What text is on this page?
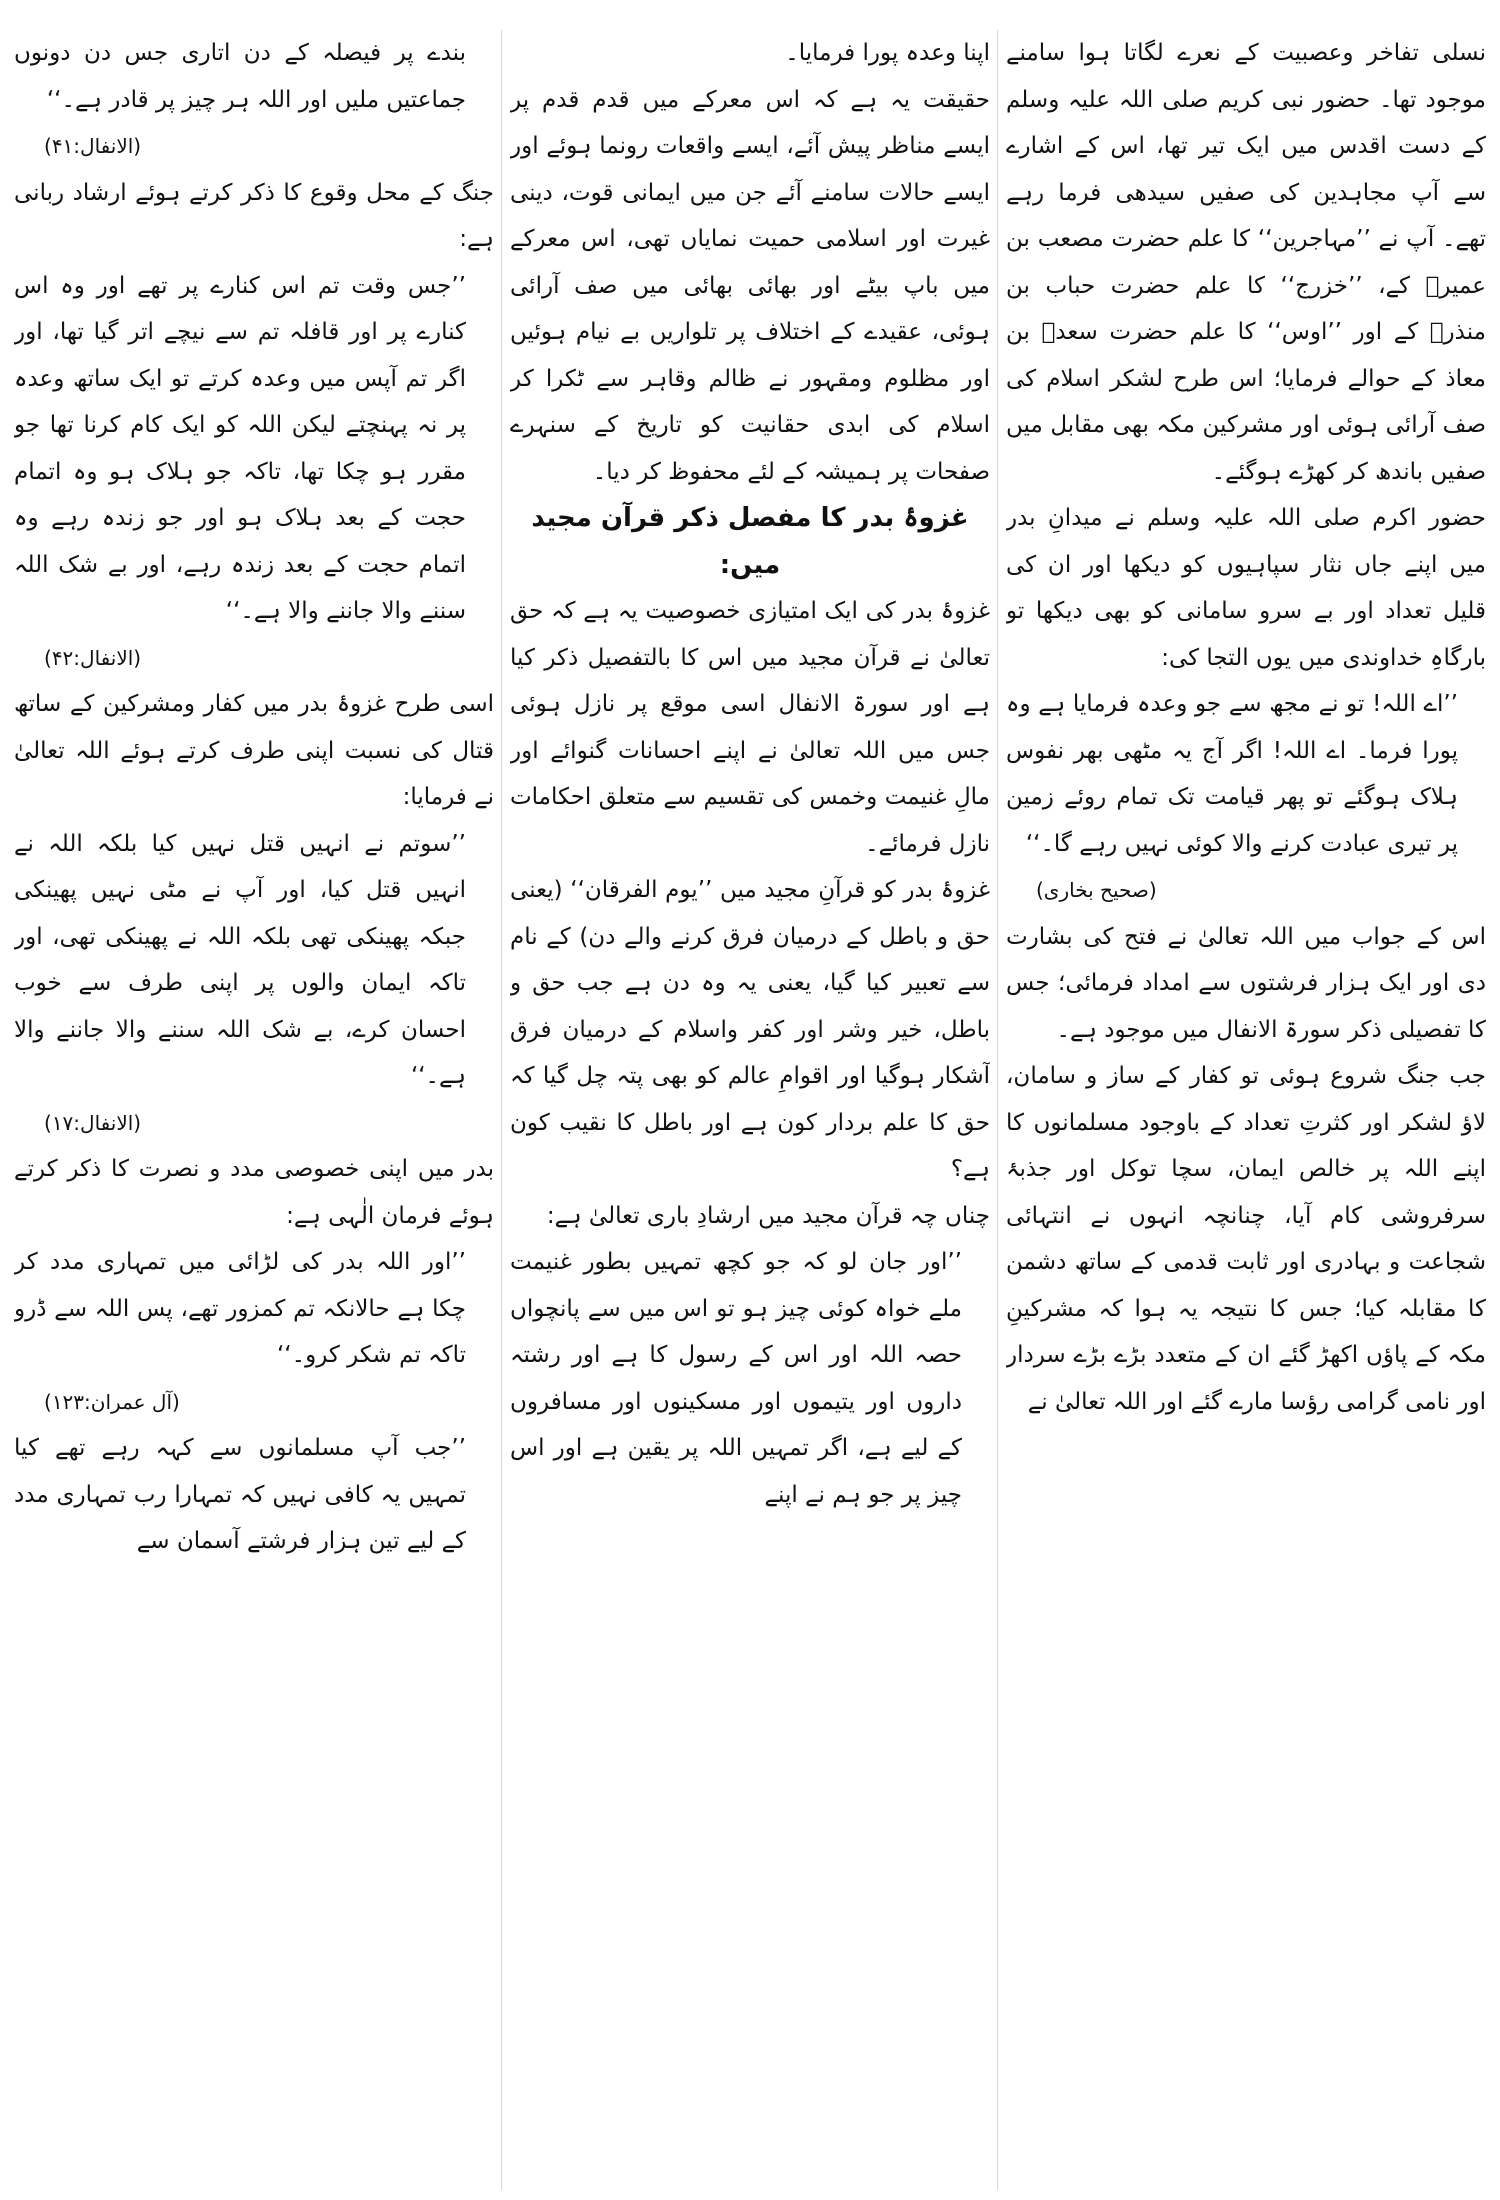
نسلی تفاخر وعصبیت کے نعرے لگاتا ہوا سامنے موجود تھا۔ حضور نبی کریم صلی اللہ علیہ وسلم کے دست اقدس میں ایک تیر تھا، اس کے اشارے سے آپ مجاہدین کی صفیں سیدھی فرما رہے تھے۔ آپ نے ’’مہاجرین‘‘ کا علم حضرت مصعب بن عمیرؓ کے، ’’خزرج‘‘ کا علم حضرت حباب بن منذرؓ کے اور ’’اوس‘‘ کا علم حضرت سعدؓ بن معاذ کے حوالے فرمایا؛ اس طرح لشکر اسلام کی صف آرائی ہوئی اور مشرکین مکہ بھی مقابل میں صفیں باندھ کر کھڑے ہوگئے۔

حضور اکرم صلی اللہ علیہ وسلم نے میدانِ بدر میں اپنے جاں نثار سپاہیوں کو دیکھا اور ان کی قلیل تعداد اور بے سرو سامانی کو بھی دیکھا تو بارگاہِ خداوندی میں یوں التجا کی:

’’اے اللہ! تو نے مجھ سے جو وعدہ فرمایا ہے وہ پورا فرما۔ اے اللہ! اگر آج یہ مٹھی بھر نفوس ہلاک ہوگئے تو پھر قیامت تک تمام روئے زمین پر تیری عبادت کرنے والا کوئی نہیں رہے گا۔‘‘
(صحیح بخاری)

اس کے جواب میں اللہ تعالیٰ نے فتح کی بشارت دی اور ایک ہزار فرشتوں سے امداد فرمائی؛ جس کا تفصیلی ذکر سورۃ الانفال میں موجود ہے۔

جب جنگ شروع ہوئی تو کفار کے ساز و سامان، لاؤ لشکر اور کثرتِ تعداد کے باوجود مسلمانوں کا اپنے اللہ پر خالص ایمان، سچا توکل اور جذبۂ سرفروشی کام آیا، چنانچہ انہوں نے انتہائی شجاعت و بہادری اور ثابت قدمی کے ساتھ دشمن کا مقابلہ کیا؛ جس کا نتیجہ یہ ہوا کہ مشرکینِ مکہ کے پاؤں اکھڑ گئے ان کے متعدد بڑے بڑے سردار اور نامی گرامی رؤسا مارے گئے اور اللہ تعالیٰ نے

اپنا وعدہ پورا فرمایا۔

حقیقت یہ ہے کہ اس معرکے میں قدم قدم پر ایسے مناظر پیش آئے، ایسے واقعات رونما ہوئے اور ایسے حالات سامنے آئے جن میں ایمانی قوت، دینی غیرت اور اسلامی حمیت نمایاں تھی، اس معرکے میں باپ بیٹے اور بھائی بھائی میں صف آرائی ہوئی، عقیدے کے اختلاف پر تلواریں بے نیام ہوئیں اور مظلوم ومقہور نے ظالم وقاہر سے ٹکرا کر اسلام کی ابدی حقانیت کو تاریخ کے سنہرے صفحات پر ہمیشہ کے لئے محفوظ کر دیا۔

غزوۂ بدر کا مفصل ذکر قرآن مجید میں:

غزوۂ بدر کی ایک امتیازی خصوصیت یہ ہے کہ حق تعالیٰ نے قرآن مجید میں اس کا بالتفصیل ذکر کیا ہے اور سورۃ الانفال اسی موقع پر نازل ہوئی جس میں اللہ تعالیٰ نے اپنے احسانات گنوائے اور مالِ غنیمت وخمس کی تقسیم سے متعلق احکامات نازل فرمائے۔

غزوۂ بدر کو قرآنِ مجید میں ’’یوم الفرقان‘‘ (یعنی حق و باطل کے درمیان فرق کرنے والے دن) کے نام سے تعبیر کیا گیا، یعنی یہ وہ دن ہے جب حق و باطل، خیر وشر اور کفر واسلام کے درمیان فرق آشکار ہوگیا اور اقوامِ عالم کو بھی پتہ چل گیا کہ حق کا علم بردار کون ہے اور باطل کا نقیب کون ہے؟

چناں چہ قرآن مجید میں ارشادِ باری تعالیٰ ہے:

’’اور جان لو کہ جو کچھ تمہیں بطور غنیمت ملے خواہ کوئی چیز ہو تو اس میں سے پانچواں حصہ اللہ اور اس کے رسول کا ہے اور رشتہ داروں اور یتیموں اور مسکینوں اور مسافروں کے لیے ہے، اگر تمہیں اللہ پر یقین ہے اور اس چیز پر جو ہم نے اپنے

بندے پر فیصلہ کے دن اتاری جس دن دونوں جماعتیں ملیں اور اللہ ہر چیز پر قادر ہے۔‘‘
(الانفال:۴۱)

جنگ کے محل وقوع کا ذکر کرتے ہوئے ارشاد ربانی ہے:

’’جس وقت تم اس کنارے پر تھے اور وہ اس کنارے پر اور قافلہ تم سے نیچے اتر گیا تھا، اور اگر تم آپس میں وعدہ کرتے تو ایک ساتھ وعدہ پر نہ پہنچتے لیکن اللہ کو ایک کام کرنا تھا جو مقرر ہو چکا تھا، تاکہ جو ہلاک ہو وہ اتمام حجت کے بعد ہلاک ہو اور جو زندہ رہے وہ اتمام حجت کے بعد زندہ رہے، اور بے شک اللہ سننے والا جاننے والا ہے۔‘‘
(الانفال:۴۲)

اسی طرح غزوۂ بدر میں کفار ومشرکین کے ساتھ قتال کی نسبت اپنی طرف کرتے ہوئے اللہ تعالیٰ نے فرمایا:

’’سوتم نے انہیں قتل نہیں کیا بلکہ اللہ نے انہیں قتل کیا، اور آپ نے مٹی نہیں پھینکی جبکہ پھینکی تھی بلکہ اللہ نے پھینکی تھی، اور تاکہ ایمان والوں پر اپنی طرف سے خوب احسان کرے، بے شک اللہ سننے والا جاننے والا ہے۔‘‘
(الانفال:۱۷)

بدر میں اپنی خصوصی مدد و نصرت کا ذکر کرتے ہوئے فرمان الٰہی ہے:

’’اور اللہ بدر کی لڑائی میں تمہاری مدد کر چکا ہے حالانکہ تم کمزور تھے، پس اللہ سے ڈرو تاکہ تم شکر کرو۔‘‘
(آل عمران:۱۲۳)

’’جب آپ مسلمانوں سے کہہ رہے تھے کیا تمہیں یہ کافی نہیں کہ تمہارا رب تمہاری مدد کے لیے تین ہزار فرشتے آسمان سے
